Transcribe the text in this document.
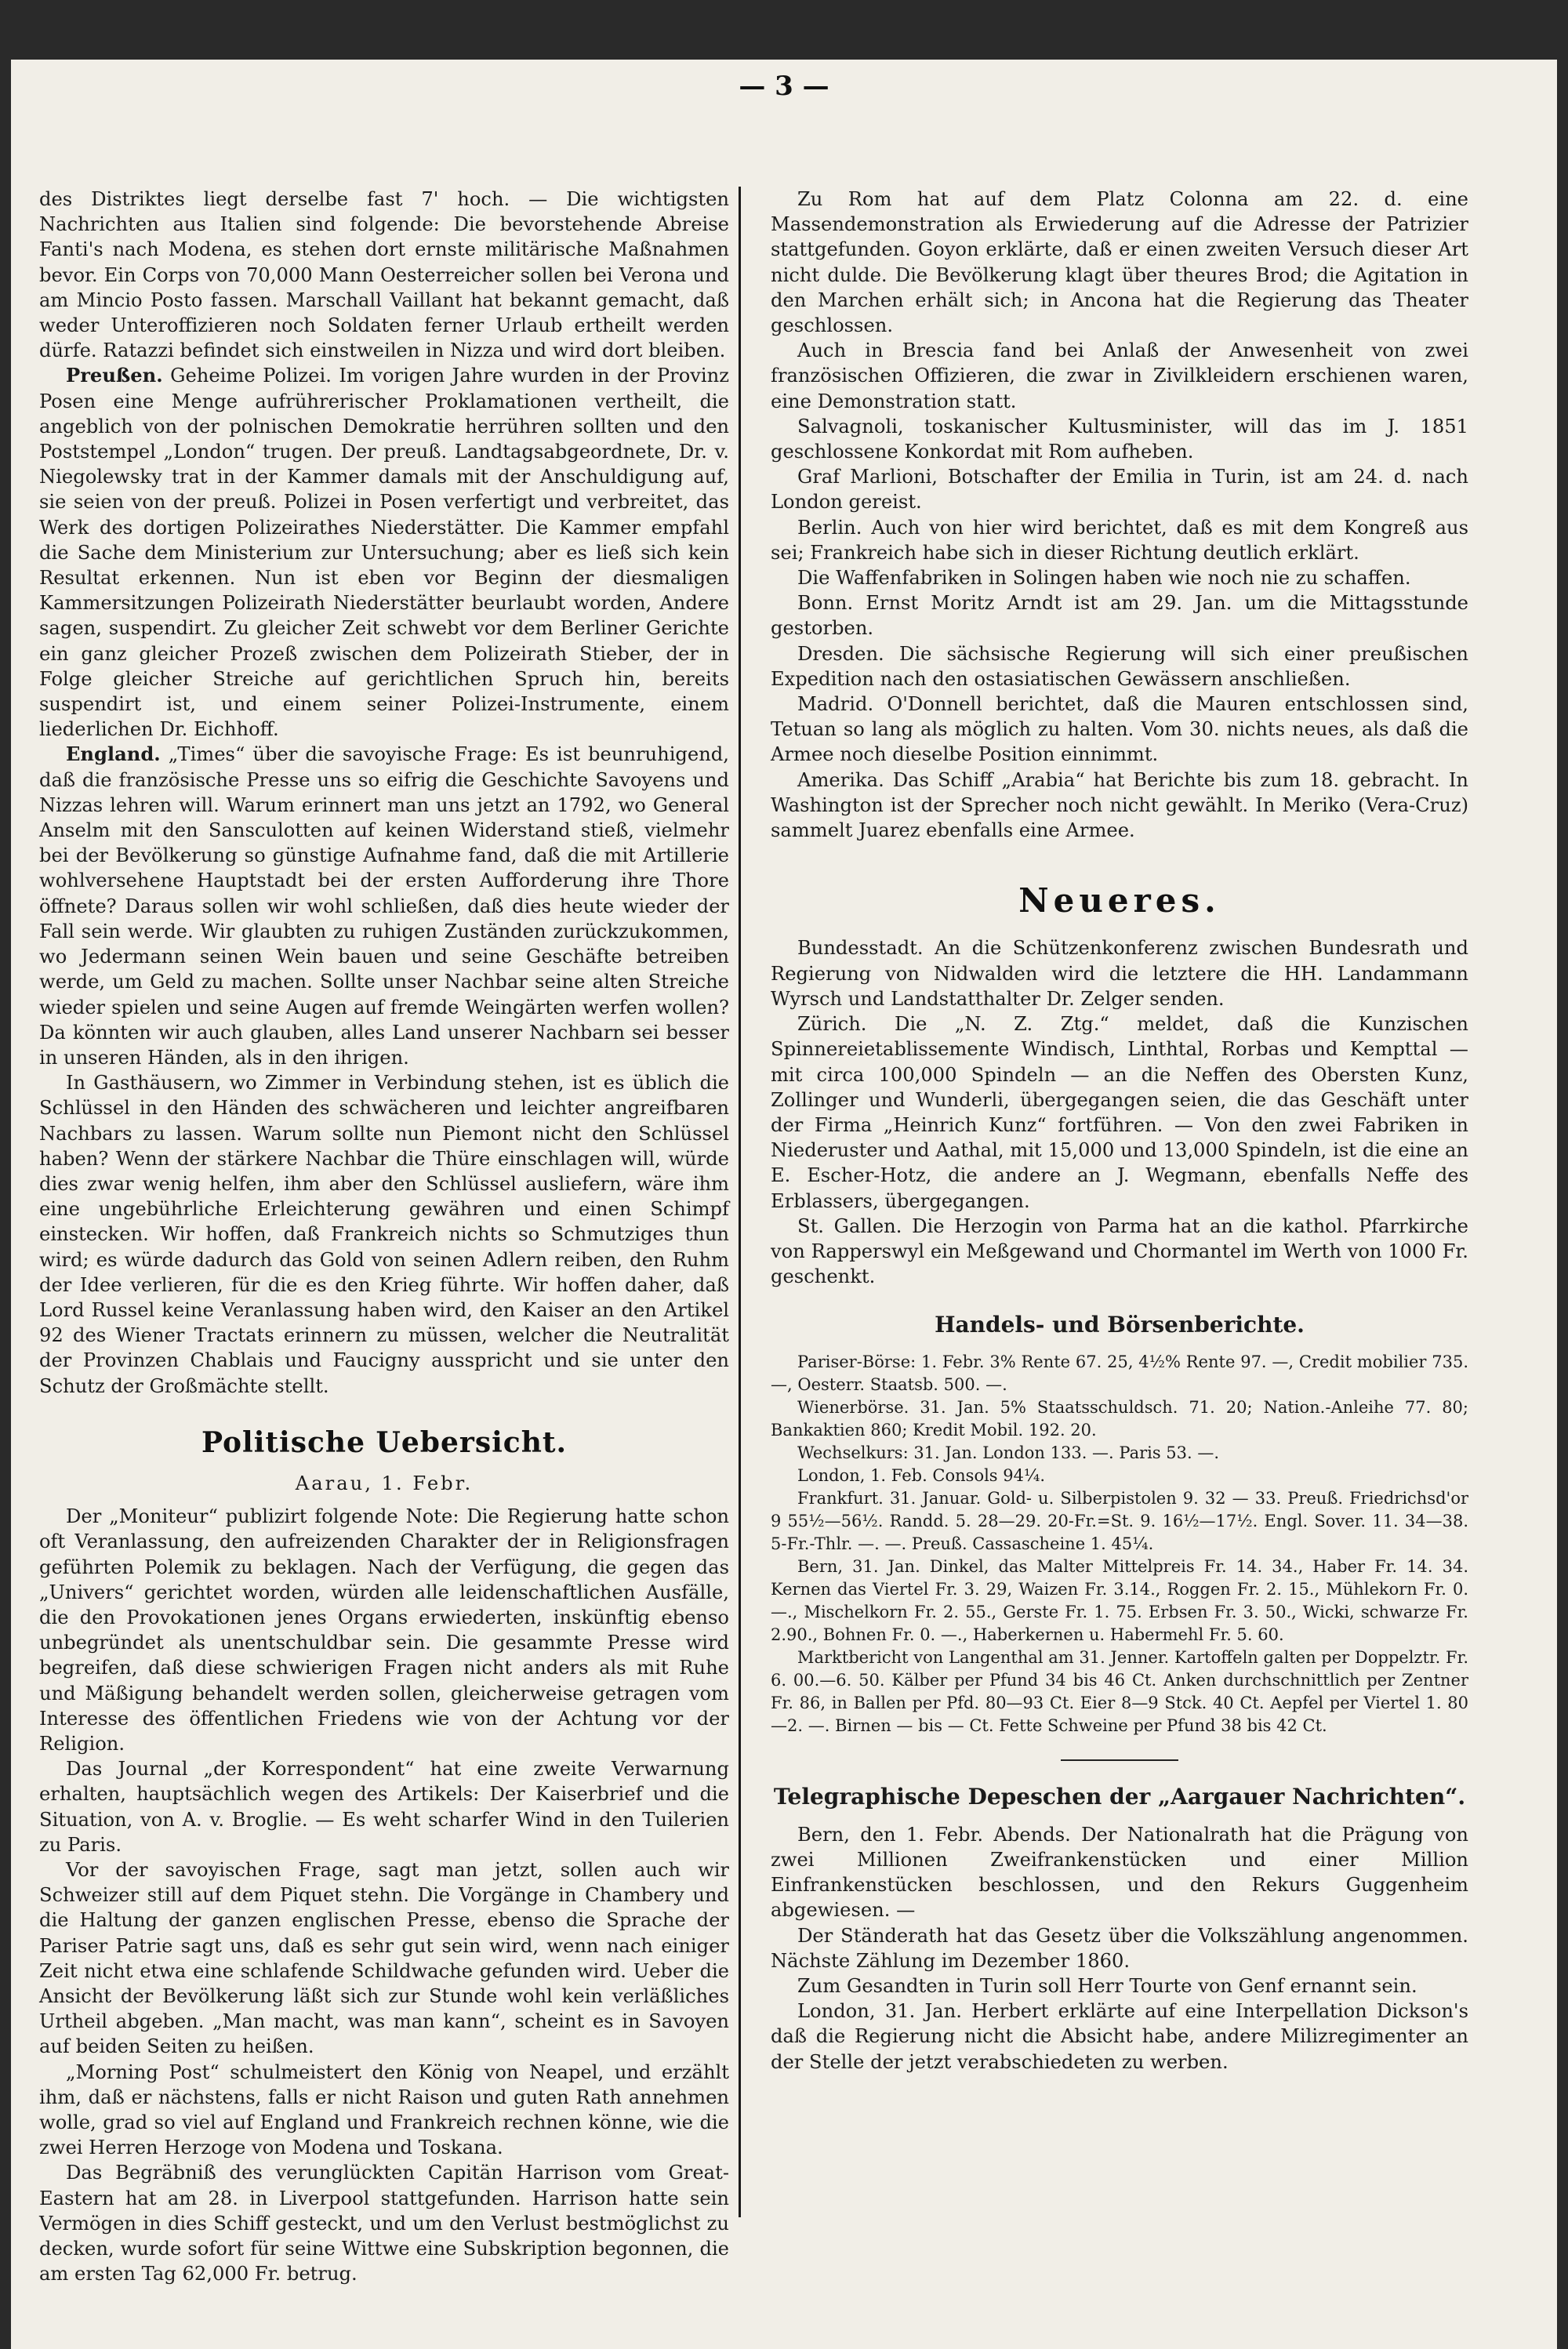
— 3 —

des Distriktes liegt derselbe fast 7' hoch. — Die wichtigsten Nachrichten aus Italien sind folgende: Die bevorstehende Abreise Fanti's nach Modena, es stehen dort ernste militärische Maßnahmen bevor. Ein Corps von 70,000 Mann Oesterreicher sollen bei Verona und am Mincio Posto fassen. Marschall Vaillant hat bekannt gemacht, daß weder Unteroffizieren noch Soldaten ferner Urlaub ertheilt werden dürfe. Ratazzi befindet sich einstweilen in Nizza und wird dort bleiben.

Preußen. Geheime Polizei. Im vorigen Jahre wurden in der Provinz Posen eine Menge aufrührerischer Proklamationen vertheilt, die angeblich von der polnischen Demokratie herrühren sollten und den Poststempel „London“ trugen. Der preuß. Landtagsabgeordnete, Dr. v. Niegolewsky trat in der Kammer damals mit der Anschuldigung auf, sie seien von der preuß. Polizei in Posen verfertigt und verbreitet, das Werk des dortigen Polizeirathes Niederstätter. Die Kammer empfahl die Sache dem Ministerium zur Untersuchung; aber es ließ sich kein Resultat erkennen. Nun ist eben vor Beginn der diesmaligen Kammersitzungen Polizeirath Niederstätter beurlaubt worden, Andere sagen, suspendirt. Zu gleicher Zeit schwebt vor dem Berliner Gerichte ein ganz gleicher Prozeß zwischen dem Polizeirath Stieber, der in Folge gleicher Streiche auf gerichtlichen Spruch hin, bereits suspendirt ist, und einem seiner Polizei-Instrumente, einem liederlichen Dr. Eichhoff.

England. „Times“ über die savoyische Frage: Es ist beunruhigend, daß die französische Presse uns so eifrig die Geschichte Savoyens und Nizzas lehren will. Warum erinnert man uns jetzt an 1792, wo General Anselm mit den Sansculotten auf keinen Widerstand stieß, vielmehr bei der Bevölkerung so günstige Aufnahme fand, daß die mit Artillerie wohlversehene Hauptstadt bei der ersten Aufforderung ihre Thore öffnete? Daraus sollen wir wohl schließen, daß dies heute wieder der Fall sein werde. Wir glaubten zu ruhigen Zuständen zurückzukommen, wo Jedermann seinen Wein bauen und seine Geschäfte betreiben werde, um Geld zu machen. Sollte unser Nachbar seine alten Streiche wieder spielen und seine Augen auf fremde Weingärten werfen wollen? Da könnten wir auch glauben, alles Land unserer Nachbarn sei besser in unseren Händen, als in den ihrigen.

In Gasthäusern, wo Zimmer in Verbindung stehen, ist es üblich die Schlüssel in den Händen des schwächeren und leichter angreifbaren Nachbars zu lassen. Warum sollte nun Piemont nicht den Schlüssel haben? Wenn der stärkere Nachbar die Thüre einschlagen will, würde dies zwar wenig helfen, ihm aber den Schlüssel ausliefern, wäre ihm eine ungebührliche Erleichterung gewähren und einen Schimpf einstecken. Wir hoffen, daß Frankreich nichts so Schmutziges thun wird; es würde dadurch das Gold von seinen Adlern reiben, den Ruhm der Idee verlieren, für die es den Krieg führte. Wir hoffen daher, daß Lord Russel keine Veranlassung haben wird, den Kaiser an den Artikel 92 des Wiener Tractats erinnern zu müssen, welcher die Neutralität der Provinzen Chablais und Faucigny ausspricht und sie unter den Schutz der Großmächte stellt.

Politische Uebersicht.
Aarau, 1. Febr.

Der „Moniteur“ publizirt folgende Note: Die Regierung hatte schon oft Veranlassung, den aufreizenden Charakter der in Religionsfragen geführten Polemik zu beklagen. Nach der Verfügung, die gegen das „Univers“ gerichtet worden, würden alle leidenschaftlichen Ausfälle, die den Provokationen jenes Organs erwiederten, inskünftig ebenso unbegründet als unentschuldbar sein. Die gesammte Presse wird begreifen, daß diese schwierigen Fragen nicht anders als mit Ruhe und Mäßigung behandelt werden sollen, gleicherweise getragen vom Interesse des öffentlichen Friedens wie von der Achtung vor der Religion.

Das Journal „der Korrespondent“ hat eine zweite Verwarnung erhalten, hauptsächlich wegen des Artikels: Der Kaiserbrief und die Situation, von A. v. Broglie. — Es weht scharfer Wind in den Tuilerien zu Paris.

Vor der savoyischen Frage, sagt man jetzt, sollen auch wir Schweizer still auf dem Piquet stehn. Die Vorgänge in Chambery und die Haltung der ganzen englischen Presse, ebenso die Sprache der Pariser Patrie sagt uns, daß es sehr gut sein wird, wenn nach einiger Zeit nicht etwa eine schlafende Schildwache gefunden wird. Ueber die Ansicht der Bevölkerung läßt sich zur Stunde wohl kein verläßliches Urtheil abgeben. „Man macht, was man kann“, scheint es in Savoyen auf beiden Seiten zu heißen.

„Morning Post“ schulmeistert den König von Neapel, und erzählt ihm, daß er nächstens, falls er nicht Raison und guten Rath annehmen wolle, grad so viel auf England und Frankreich rechnen könne, wie die zwei Herren Herzoge von Modena und Toskana.

Das Begräbniß des verunglückten Capitän Harrison vom Great-Eastern hat am 28. in Liverpool stattgefunden. Harrison hatte sein Vermögen in dies Schiff gesteckt, und um den Verlust bestmöglichst zu decken, wurde sofort für seine Wittwe eine Subskription begonnen, die am ersten Tag 62,000 Fr. betrug.

Zu Rom hat auf dem Platz Colonna am 22. d. eine Massendemonstration als Erwiederung auf die Adresse der Patrizier stattgefunden. Goyon erklärte, daß er einen zweiten Versuch dieser Art nicht dulde. Die Bevölkerung klagt über theures Brod; die Agitation in den Marchen erhält sich; in Ancona hat die Regierung das Theater geschlossen.

Auch in Brescia fand bei Anlaß der Anwesenheit von zwei französischen Offizieren, die zwar in Zivilkleidern erschienen waren, eine Demonstration statt.

Salvagnoli, toskanischer Kultusminister, will das im J. 1851 geschlossene Konkordat mit Rom aufheben.

Graf Marlioni, Botschafter der Emilia in Turin, ist am 24. d. nach London gereist.

Berlin. Auch von hier wird berichtet, daß es mit dem Kongreß aus sei; Frankreich habe sich in dieser Richtung deutlich erklärt.

Die Waffenfabriken in Solingen haben wie noch nie zu schaffen.

Bonn. Ernst Moritz Arndt ist am 29. Jan. um die Mittagsstunde gestorben.

Dresden. Die sächsische Regierung will sich einer preußischen Expedition nach den ostasiatischen Gewässern anschließen.

Madrid. O'Donnell berichtet, daß die Mauren entschlossen sind, Tetuan so lang als möglich zu halten. Vom 30. nichts neues, als daß die Armee noch dieselbe Position einnimmt.

Amerika. Das Schiff „Arabia“ hat Berichte bis zum 18. gebracht. In Washington ist der Sprecher noch nicht gewählt. In Meriko (Vera-Cruz) sammelt Juarez ebenfalls eine Armee.

Neueres.

Bundesstadt. An die Schützenkonferenz zwischen Bundesrath und Regierung von Nidwalden wird die letztere die HH. Landammann Wyrsch und Landstatthalter Dr. Zelger senden.

Zürich. Die „N. Z. Ztg.“ meldet, daß die Kunzischen Spinnereietablissemente Windisch, Linthtal, Rorbas und Kempttal — mit circa 100,000 Spindeln — an die Neffen des Obersten Kunz, Zollinger und Wunderli, übergegangen seien, die das Geschäft unter der Firma „Heinrich Kunz“ fortführen. — Von den zwei Fabriken in Niederuster und Aathal, mit 15,000 und 13,000 Spindeln, ist die eine an E. Escher-Hotz, die andere an J. Wegmann, ebenfalls Neffe des Erblassers, übergegangen.

St. Gallen. Die Herzogin von Parma hat an die kathol. Pfarrkirche von Rapperswyl ein Meßgewand und Chormantel im Werth von 1000 Fr. geschenkt.

Handels- und Börsenberichte.

Pariser-Börse: 1. Febr. 3% Rente 67. 25, 4½% Rente 97. —, Credit mobilier 735. —, Oesterr. Staatsb. 500. —.

Wienerbörse. 31. Jan. 5% Staatsschuldsch. 71. 20; Nation.-Anleihe 77. 80; Bankaktien 860; Kredit Mobil. 192. 20.

Wechselkurs: 31. Jan. London 133. —. Paris 53. —.

London, 1. Feb. Consols 94¼.

Frankfurt. 31. Januar. Gold- u. Silberpistolen 9. 32 — 33. Preuß. Friedrichsd'or 9 55½—56½. Randd. 5. 28—29. 20-Fr.=St. 9. 16½—17½. Engl. Sover. 11. 34—38. 5-Fr.-Thlr. —. —. Preuß. Cassascheine 1. 45¼.

Bern, 31. Jan. Dinkel, das Malter Mittelpreis Fr. 14. 34., Haber Fr. 14. 34. Kernen das Viertel Fr. 3. 29, Waizen Fr. 3.14., Roggen Fr. 2. 15., Mühlekorn Fr. 0. —., Mischelkorn Fr. 2. 55., Gerste Fr. 1. 75. Erbsen Fr. 3. 50., Wicki, schwarze Fr. 2.90., Bohnen Fr. 0. —., Haberkernen u. Habermehl Fr. 5. 60.

Marktbericht von Langenthal am 31. Jenner. Kartoffeln galten per Doppelztr. Fr. 6. 00.—6. 50. Kälber per Pfund 34 bis 46 Ct. Anken durchschnittlich per Zentner Fr. 86, in Ballen per Pfd. 80—93 Ct. Eier 8—9 Stck. 40 Ct. Aepfel per Viertel 1. 80—2. —. Birnen — bis — Ct. Fette Schweine per Pfund 38 bis 42 Ct.

Telegraphische Depeschen der „Aargauer Nachrichten“.

Bern, den 1. Febr. Abends. Der Nationalrath hat die Prägung von zwei Millionen Zweifrankenstücken und einer Million Einfrankenstücken beschlossen, und den Rekurs Guggenheim abgewiesen. —

Der Ständerath hat das Gesetz über die Volkszählung angenommen. Nächste Zählung im Dezember 1860.

Zum Gesandten in Turin soll Herr Tourte von Genf ernannt sein.

London, 31. Jan. Herbert erklärte auf eine Interpellation Dickson's daß die Regierung nicht die Absicht habe, andere Milizregimenter an der Stelle der jetzt verabschiedeten zu werben.
